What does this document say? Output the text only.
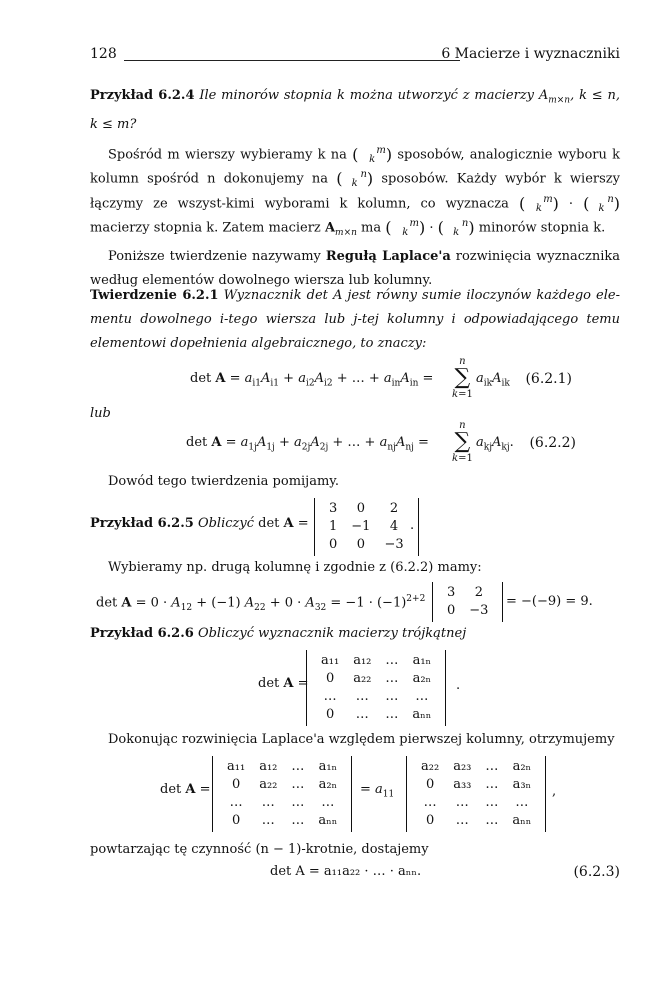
128	6 Macierze i wyznaczniki

Przykład 6.2.4 Ile minorów stopnia k można utworzyć z macierzy $A_{m\times n}$, k ≤ n, k ≤ m?

Spośród m wierszy wybieramy k na ( m
k ) sposobów, analogicznie wyboru k kolumn spośród n dokonujemy na ( n
k ) sposobów. Każdy wybór k wierszy łączymy ze wszyst-kimi wyborami k kolumn, co wyznacza ( m
k ) · ( n
k ) macierzy stopnia k. Zatem macierz $A_{m\times n}$ ma ( m
k ) · ( n
k ) minorów stopnia k.

Poniższe twierdzenie nazywamy Regułą Laplace'a rozwinięcia wyznacznika według elementów dowolnego wiersza lub kolumny.

Twierdzenie 6.2.1 Wyznacznik det A jest równy sumie iloczynów każdego ele-mentu dowolnego i-tego wiersza lub j-tej kolumny i odpowiadającego temu elementowi dopełnienia algebraicznego, to znaczy:

$\det A = a_{i1}A_{i1} + a_{i2}A_{i2}$ + … + $a_{in}A_{in}$ =
n
∑
k=1
$a_{ik}A_{ik}$ (6.2.1)
lub
$\det A = a_{1j}A_{1j} + a_{2j}A_{2j}$ + … + $a_{nj}A_{nj}$ =
n
∑
k=1
$a_{kj}A_{kj}$. (6.2.2)
Dowód tego twierdzenia pomijamy.
Przykład 6.2.5 Obliczyć det A =
3	0	2
1	−1	4
0	0	−3
.
Wybieramy np. drugą kolumnę i zgodnie z (6.2.2) mamy:
$\det A = 0 \cdot A_{12} + (-1) A_{22} + 0 \cdot A_{32} = -1 \cdot (-1)^{2+2}$ 3	2
0	−3
= −(−9) = 9.
Przykład 6.2.6 Obliczyć wyznacznik macierzy trójkątnej
det A =
a₁₁	a₁₂	…	a₁ₙ
0	a₂₂	…	a₂ₙ
…	…	…	…
0	…	…	aₙₙ
.
Dokonując rozwinięcia Laplace'a względem pierwszej kolumny, otrzymujemy
det A =
a₁₁	a₁₂	…	a₁ₙ
0	a₂₂	…	a₂ₙ
…	…	…	…
0	…	…	aₙₙ
= $a_{11}$
a₂₂	a₂₃	…	a₂ₙ
0	a₃₃	…	a₃ₙ
…	…	…	…
0	…	…	aₙₙ
,
powtarzając tę czynność (n − 1)-krotnie, dostajemy
det A = a₁₁a₂₂ · … · aₙₙ.	(6.2.3)
